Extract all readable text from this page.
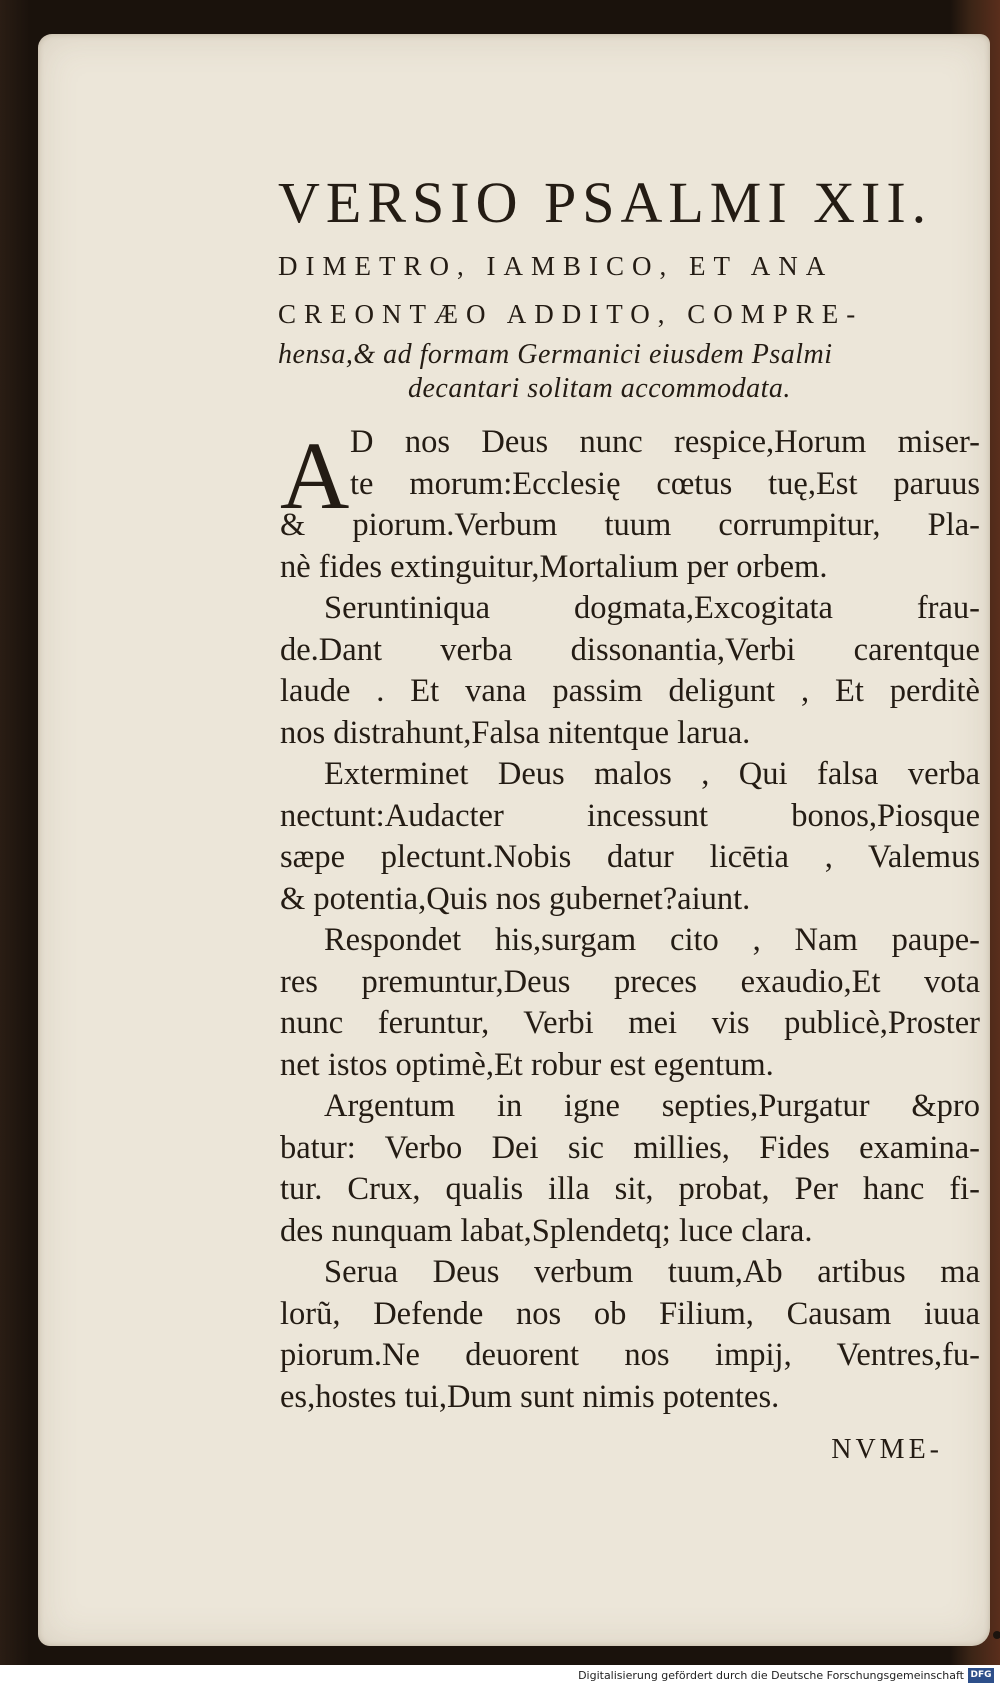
VERSIO PSALMI XII.
DIMETRO, IAMBICO, ET ANA
CREONTÆO ADDITO, COMPRE-
hensa,& ad formam Germanici eiusdem Psalmi
decantari solitam accommodata.
A D nos Deus nunc respice,Horum miser-
te morum:Ecclesię cœtus tuę,Est paruus
& piorum.Verbum tuum corrumpitur, Pla-
nè fides extinguitur,Mortalium per orbem.
Seruntiniqua dogmata,Excogitata frau-
de.Dant verba dissonantia,Verbi carentque
laude . Et vana passim deligunt , Et perditè
nos distrahunt,Falsa nitentque larua.
Exterminet Deus malos , Qui falsa verba
nectunt:Audacter incessunt bonos,Piosque
sæpe plectunt.Nobis datur licētia , Valemus
& potentia,Quis nos gubernet?aiunt.
Respondet his,surgam cito , Nam paupe-
res premuntur,Deus preces exaudio,Et vota
nunc feruntur, Verbi mei vis publicè,Proster
net istos optimè,Et robur est egentum.
Argentum in igne septies,Purgatur &pro
batur: Verbo Dei sic millies, Fides examina-
tur. Crux, qualis illa sit, probat, Per hanc fi-
des nunquam labat,Splendetq; luce clara.
Serua Deus verbum tuum,Ab artibus ma
lorũ, Defende nos ob Filium, Causam iuua
piorum.Ne deuorent nos impij, Ventres,fu-
es,hostes tui,Dum sunt nimis potentes.
NVME-
Digitalisierung gefördert durch die Deutsche Forschungsgemeinschaft DFG
